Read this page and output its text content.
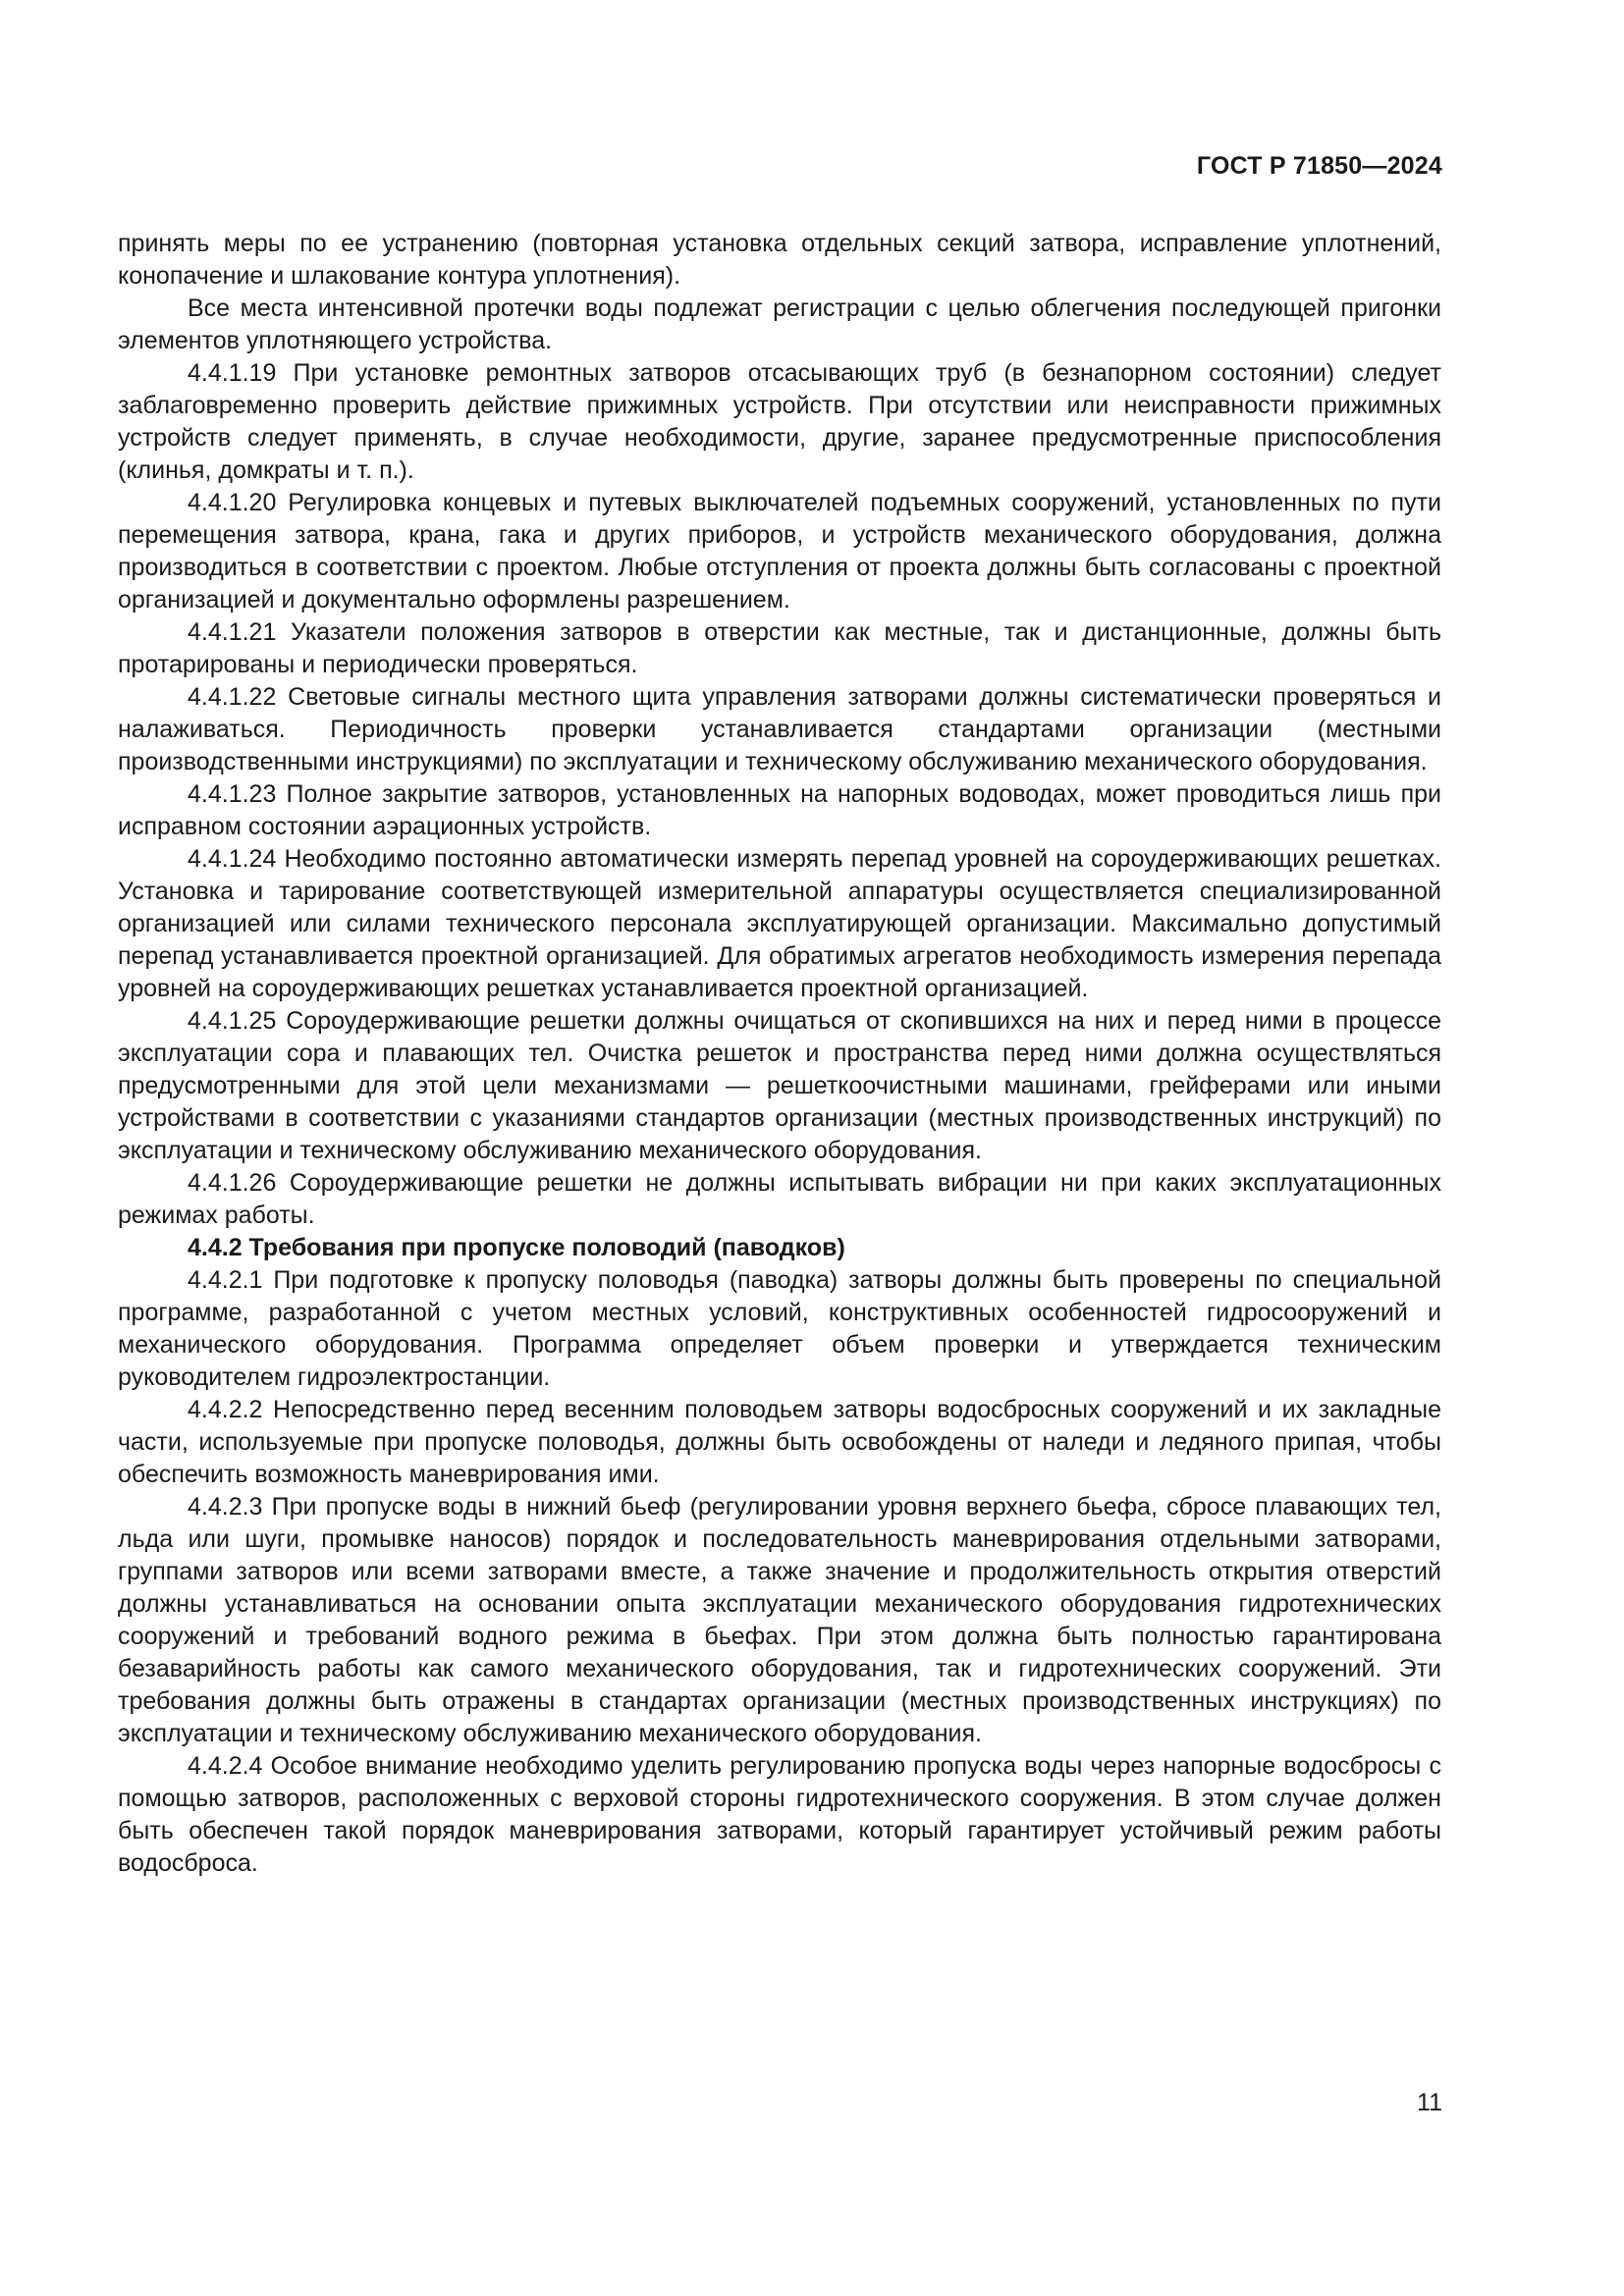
ГОСТ Р 71850—2024

принять меры по ее устранению (повторная установка отдельных секций затвора, исправление уплотнений, конопачение и шлакование контура уплотнения).

Все места интенсивной протечки воды подлежат регистрации с целью облегчения последующей пригонки элементов уплотняющего устройства.

4.4.1.19 При установке ремонтных затворов отсасывающих труб (в безнапорном состоянии) следует заблаговременно проверить действие прижимных устройств. При отсутствии или неисправности прижимных устройств следует применять, в случае необходимости, другие, заранее предусмотренные приспособления (клинья, домкраты и т. п.).

4.4.1.20 Регулировка концевых и путевых выключателей подъемных сооружений, установленных по пути перемещения затвора, крана, гака и других приборов, и устройств механического оборудования, должна производиться в соответствии с проектом. Любые отступления от проекта должны быть согласованы с проектной организацией и документально оформлены разрешением.

4.4.1.21 Указатели положения затворов в отверстии как местные, так и дистанционные, должны быть протарированы и периодически проверяться.

4.4.1.22 Световые сигналы местного щита управления затворами должны систематически проверяться и налаживаться. Периодичность проверки устанавливается стандартами организации (местными производственными инструкциями) по эксплуатации и техническому обслуживанию механического оборудования.

4.4.1.23 Полное закрытие затворов, установленных на напорных водоводах, может проводиться лишь при исправном состоянии аэрационных устройств.

4.4.1.24 Необходимо постоянно автоматически измерять перепад уровней на сороудерживающих решетках. Установка и тарирование соответствующей измерительной аппаратуры осуществляется специализированной организацией или силами технического персонала эксплуатирующей организации. Максимально допустимый перепад устанавливается проектной организацией. Для обратимых агрегатов необходимость измерения перепада уровней на сороудерживающих решетках устанавливается проектной организацией.

4.4.1.25 Сороудерживающие решетки должны очищаться от скопившихся на них и перед ними в процессе эксплуатации сора и плавающих тел. Очистка решеток и пространства перед ними должна осуществляться предусмотренными для этой цели механизмами — решеткоочистными машинами, грейферами или иными устройствами в соответствии с указаниями стандартов организации (местных производственных инструкций) по эксплуатации и техническому обслуживанию механического оборудования.

4.4.1.26 Сороудерживающие решетки не должны испытывать вибрации ни при каких эксплуатационных режимах работы.

4.4.2 Требования при пропуске половодий (паводков)

4.4.2.1 При подготовке к пропуску половодья (паводка) затворы должны быть проверены по специальной программе, разработанной с учетом местных условий, конструктивных особенностей гидросооружений и механического оборудования. Программа определяет объем проверки и утверждается техническим руководителем гидроэлектростанции.

4.4.2.2 Непосредственно перед весенним половодьем затворы водосбросных сооружений и их закладные части, используемые при пропуске половодья, должны быть освобождены от наледи и ледяного припая, чтобы обеспечить возможность маневрирования ими.

4.4.2.3 При пропуске воды в нижний бьеф (регулировании уровня верхнего бьефа, сбросе плавающих тел, льда или шуги, промывке наносов) порядок и последовательность маневрирования отдельными затворами, группами затворов или всеми затворами вместе, а также значение и продолжительность открытия отверстий должны устанавливаться на основании опыта эксплуатации механического оборудования гидротехнических сооружений и требований водного режима в бьефах. При этом должна быть полностью гарантирована безаварийность работы как самого механического оборудования, так и гидротехнических сооружений. Эти требования должны быть отражены в стандартах организации (местных производственных инструкциях) по эксплуатации и техническому обслуживанию механического оборудования.

4.4.2.4 Особое внимание необходимо уделить регулированию пропуска воды через напорные водосбросы с помощью затворов, расположенных с верховой стороны гидротехнического сооружения. В этом случае должен быть обеспечен такой порядок маневрирования затворами, который гарантирует устойчивый режим работы водосброса.

11
